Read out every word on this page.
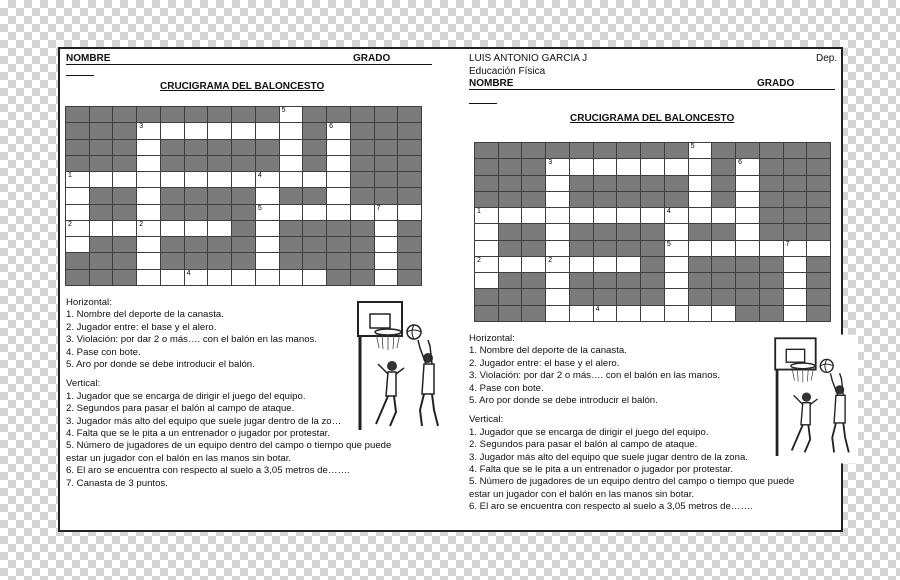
NOMBRE	GRADO
CRUCIGRAMA DEL BALONCESTO
5
3	6
1	4
5	7
2	2
4
Horizontal:
1. Nombre del deporte de la canasta.
2. Jugador entre: el base y el alero.
3. Violación: por dar 2 o más…. con el balón en las manos.
4. Pase con bote.
5. Aro por donde se debe introducir el balón.
Vertical:
1. Jugador que se encarga de dirigir el juego del equipo.
2. Segundos para pasar el balón al campo de ataque.
3. Jugador más alto del equipo que suele jugar dentro de la zo…
4. Falta que se le pita a un entrenador o jugador por protestar.
5. Número de jugadores de un equipo dentro del campo o tiempo que puede
estar un jugador con el balón en las manos sin botar.
6. El aro se encuentra con respecto al suelo a 3,05 metros de…….
7. Canasta de 3 puntos.
LUIS ANTONIO GARCIA J	Dep.
Educación Física
NOMBRE	GRADO
CRUCIGRAMA DEL BALONCESTO
5
3	6
1	4
5	7
2	2
4
Horizontal:
1. Nombre del deporte de la canasta.
2. Jugador entre: el base y el alero.
3. Violación: por dar 2 o más…. con el balón en las manos.
4. Pase con bote.
5. Aro por donde se debe introducir el balón.
Vertical:
1. Jugador que se encarga de dirigir el juego del equipo.
2. Segundos para pasar el balón al campo de ataque.
3. Jugador más alto del equipo que suele jugar dentro de la zona.
4. Falta que se le pita a un entrenador o jugador por protestar.
5. Número de jugadores de un equipo dentro del campo o tiempo que puede
estar un jugador con el balón en las manos sin botar.
6. El aro se encuentra con respecto al suelo a 3,05 metros de…….
